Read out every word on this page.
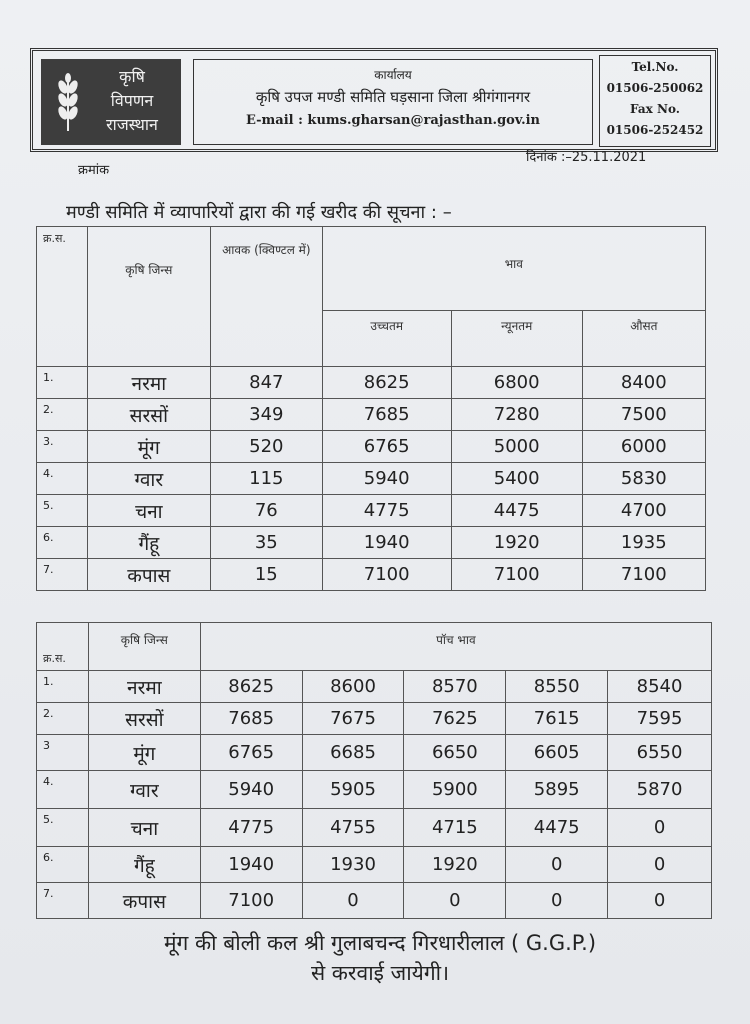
कृषि
विपणन
राजस्थान
कार्यालय
कृषि उपज मण्डी समिति घड़साना जिला श्रीगंगानगर
E-mail : kums.gharsan@rajasthan.gov.in
Tel.No.
01506-250062
Fax No.
01506-252452
क्रमांक
दिनांक :–25.11.2021
मण्डी समिति में व्यापारियों द्वारा की गई खरीद की सूचना : –
क्र.स.	कृषि जिन्स	आवक (क्विण्टल में)	भाव		
			उच्चतम	न्यूनतम	औसत
1.	नरमा	847	8625	6800	8400
2.	सरसों	349	7685	7280	7500
3.	मूंग	520	6765	5000	6000
4.	ग्वार	115	5940	5400	5830
5.	चना	76	4775	4475	4700
6.	गैंहू	35	1940	1920	1935
7.	कपास	15	7100	7100	7100
क्र.स.	कृषि जिन्स	पॉच भाव				
1.	नरमा	8625	8600	8570	8550	8540
2.	सरसों	7685	7675	7625	7615	7595
3	मूंग	6765	6685	6650	6605	6550
4.	ग्वार	5940	5905	5900	5895	5870
5.	चना	4775	4755	4715	4475	0
6.	गैंहू	1940	1930	1920	0	0
7.	कपास	7100	0	0	0	0
मूंग की बोली कल श्री गुलाबचन्द गिरधारीलाल ( G.G.P.)
से करवाई जायेगी।
